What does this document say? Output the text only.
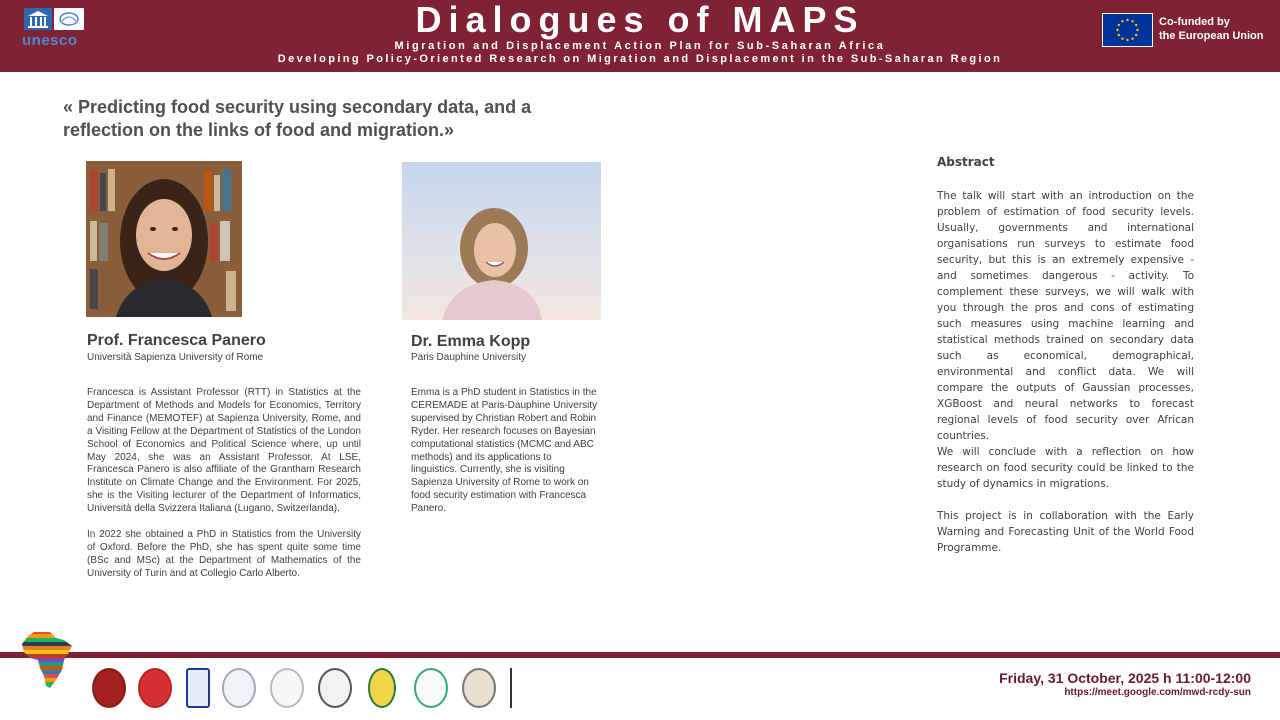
unesco
Dialogues of MAPS
Migration and Displacement Action Plan for Sub-Saharan Africa
Developing Policy-Oriented Research on Migration and Displacement in the Sub-Saharan Region
Co-funded by
the European Union
« Predicting food security using secondary data, and a reflection on the links of food and migration.»
Prof. Francesca Panero
Università Sapienza University of Rome

Francesca is Assistant Professor (RTT) in Statistics at the Department of Methods and Models for Economics, Territory and Finance (MEMOTEF) at Sapienza University, Rome, and a Visiting Fellow at the Department of Statistics of the London School of Economics and Political Science where, up until May 2024, she was an Assistant Professor. At LSE, Francesca Panero is also affiliate of the Grantham Research Institute on Climate Change and the Environment. For 2025, she is the Visiting lecturer of the Department of Informatics, Università della Svizzera Italiana (Lugano, Switzerlanda).

In 2022 she obtained a PhD in Statistics from the University of Oxford. Before the PhD, she has spent quite some time (BSc and MSc) at the Department of Mathematics of the University of Turin and at Collegio Carlo Alberto.

Dr. Emma Kopp
Paris Dauphine University
Emma is a PhD student in Statistics in the CEREMADE at Paris-Dauphine University supervised by Christian Robert and Robin Ryder. Her research focuses on Bayesian computational statistics (MCMC and ABC methods) and its applications to linguistics. Currently, she is visiting Sapienza University of Rome to work on food security estimation with Francesca Panero.
Abstract

The talk will start with an introduction on the problem of estimation of food security levels. Usually, governments and international organisations run surveys to estimate food security, but this is an extremely expensive - and sometimes dangerous - activity. To complement these surveys, we will walk with you through the pros and cons of estimating such measures using machine learning and statistical methods trained on secondary data such as economical, demographical, environmental and conflict data. We will compare the outputs of Gaussian processes, XGBoost and neural networks to forecast regional levels of food security over African countries.

We will conclude with a reflection on how research on food security could be linked to the study of dynamics in migrations.

This project is in collaboration with the Early Warning and Forecasting Unit of the World Food Programme.

Friday, 31 October, 2025 h 11:00-12:00
https://meet.google.com/mwd-rcdy-sun
